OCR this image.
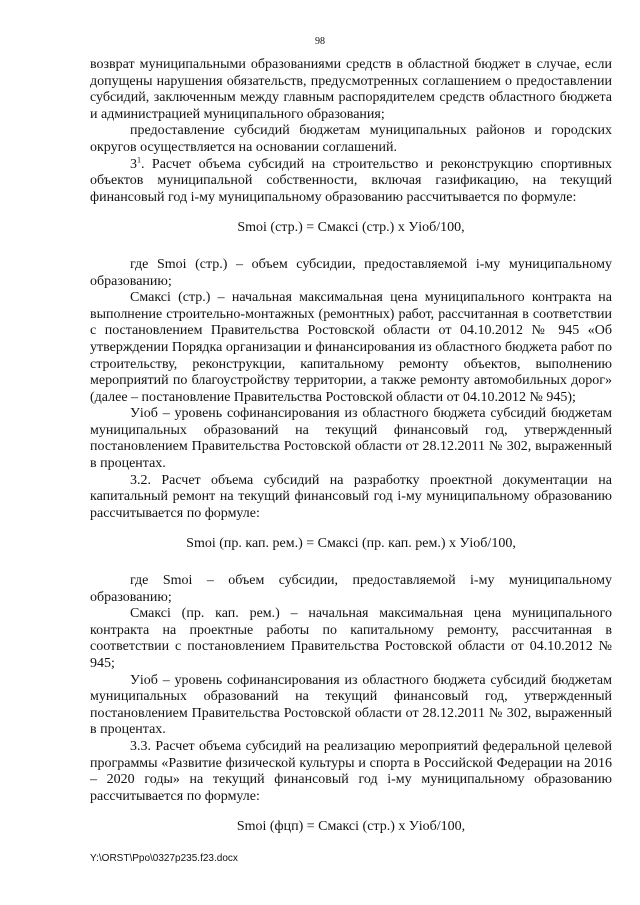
98

возврат муниципальными образованиями средств в областной бюджет в случае, если допущены нарушения обязательств, предусмотренных соглашением о предоставлении субсидий, заключенным между главным распорядителем средств областного бюджета и администрацией муниципального образования;

предоставление субсидий бюджетам муниципальных районов и городских округов осуществляется на основании соглашений.

$3^1$. Расчет объема субсидий на строительство и реконструкцию спортивных объектов муниципальной собственности, включая газификацию, на текущий финансовый год i-му муниципальному образованию рассчитывается по формуле:

Smoi (стр.) = Смаксi (стр.) x Уiоб/100,

где Smoi (стр.) – объем субсидии, предоставляемой i-му муниципальному образованию;

Смаксi (стр.) – начальная максимальная цена муниципального контракта на выполнение строительно-монтажных (ремонтных) работ, рассчитанная в соответствии с постановлением Правительства Ростовской области от 04.10.2012 № 945 «Об утверждении Порядка организации и финансирования из областного бюджета работ по строительству, реконструкции, капитальному ремонту объектов, выполнению мероприятий по благоустройству территории, а также ремонту автомобильных дорог» (далее – постановление Правительства Ростовской области от 04.10.2012 № 945);

Уiоб – уровень софинансирования из областного бюджета субсидий бюджетам муниципальных образований на текущий финансовый год, утвержденный постановлением Правительства Ростовской области от 28.12.2011 № 302, выраженный в процентах.

3.2. Расчет объема субсидий на разработку проектной документации на капитальный ремонт на текущий финансовый год i-му муниципальному образованию рассчитывается по формуле:

Smoi (пр. кап. рем.) = Смаксi (пр. кап. рем.) x Уiоб/100,

где Smoi – объем субсидии, предоставляемой i-му муниципальному образованию;

Смаксi (пр. кап. рем.) – начальная максимальная цена муниципального контракта на проектные работы по капитальному ремонту, рассчитанная в соответствии с постановлением Правительства Ростовской области от 04.10.2012 № 945;

Уiоб – уровень софинансирования из областного бюджета субсидий бюджетам муниципальных образований на текущий финансовый год, утвержденный постановлением Правительства Ростовской области от 28.12.2011 № 302, выраженный в процентах.

3.3. Расчет объема субсидий на реализацию мероприятий федеральной целевой программы «Развитие физической культуры и спорта в Российской Федерации на 2016 – 2020 годы» на текущий финансовый год i-му муниципальному образованию рассчитывается по формуле:

Smoi (фцп) = Смаксi (стр.) x Уiоб/100,

Y:\ORST\Ppo\0327p235.f23.docx
